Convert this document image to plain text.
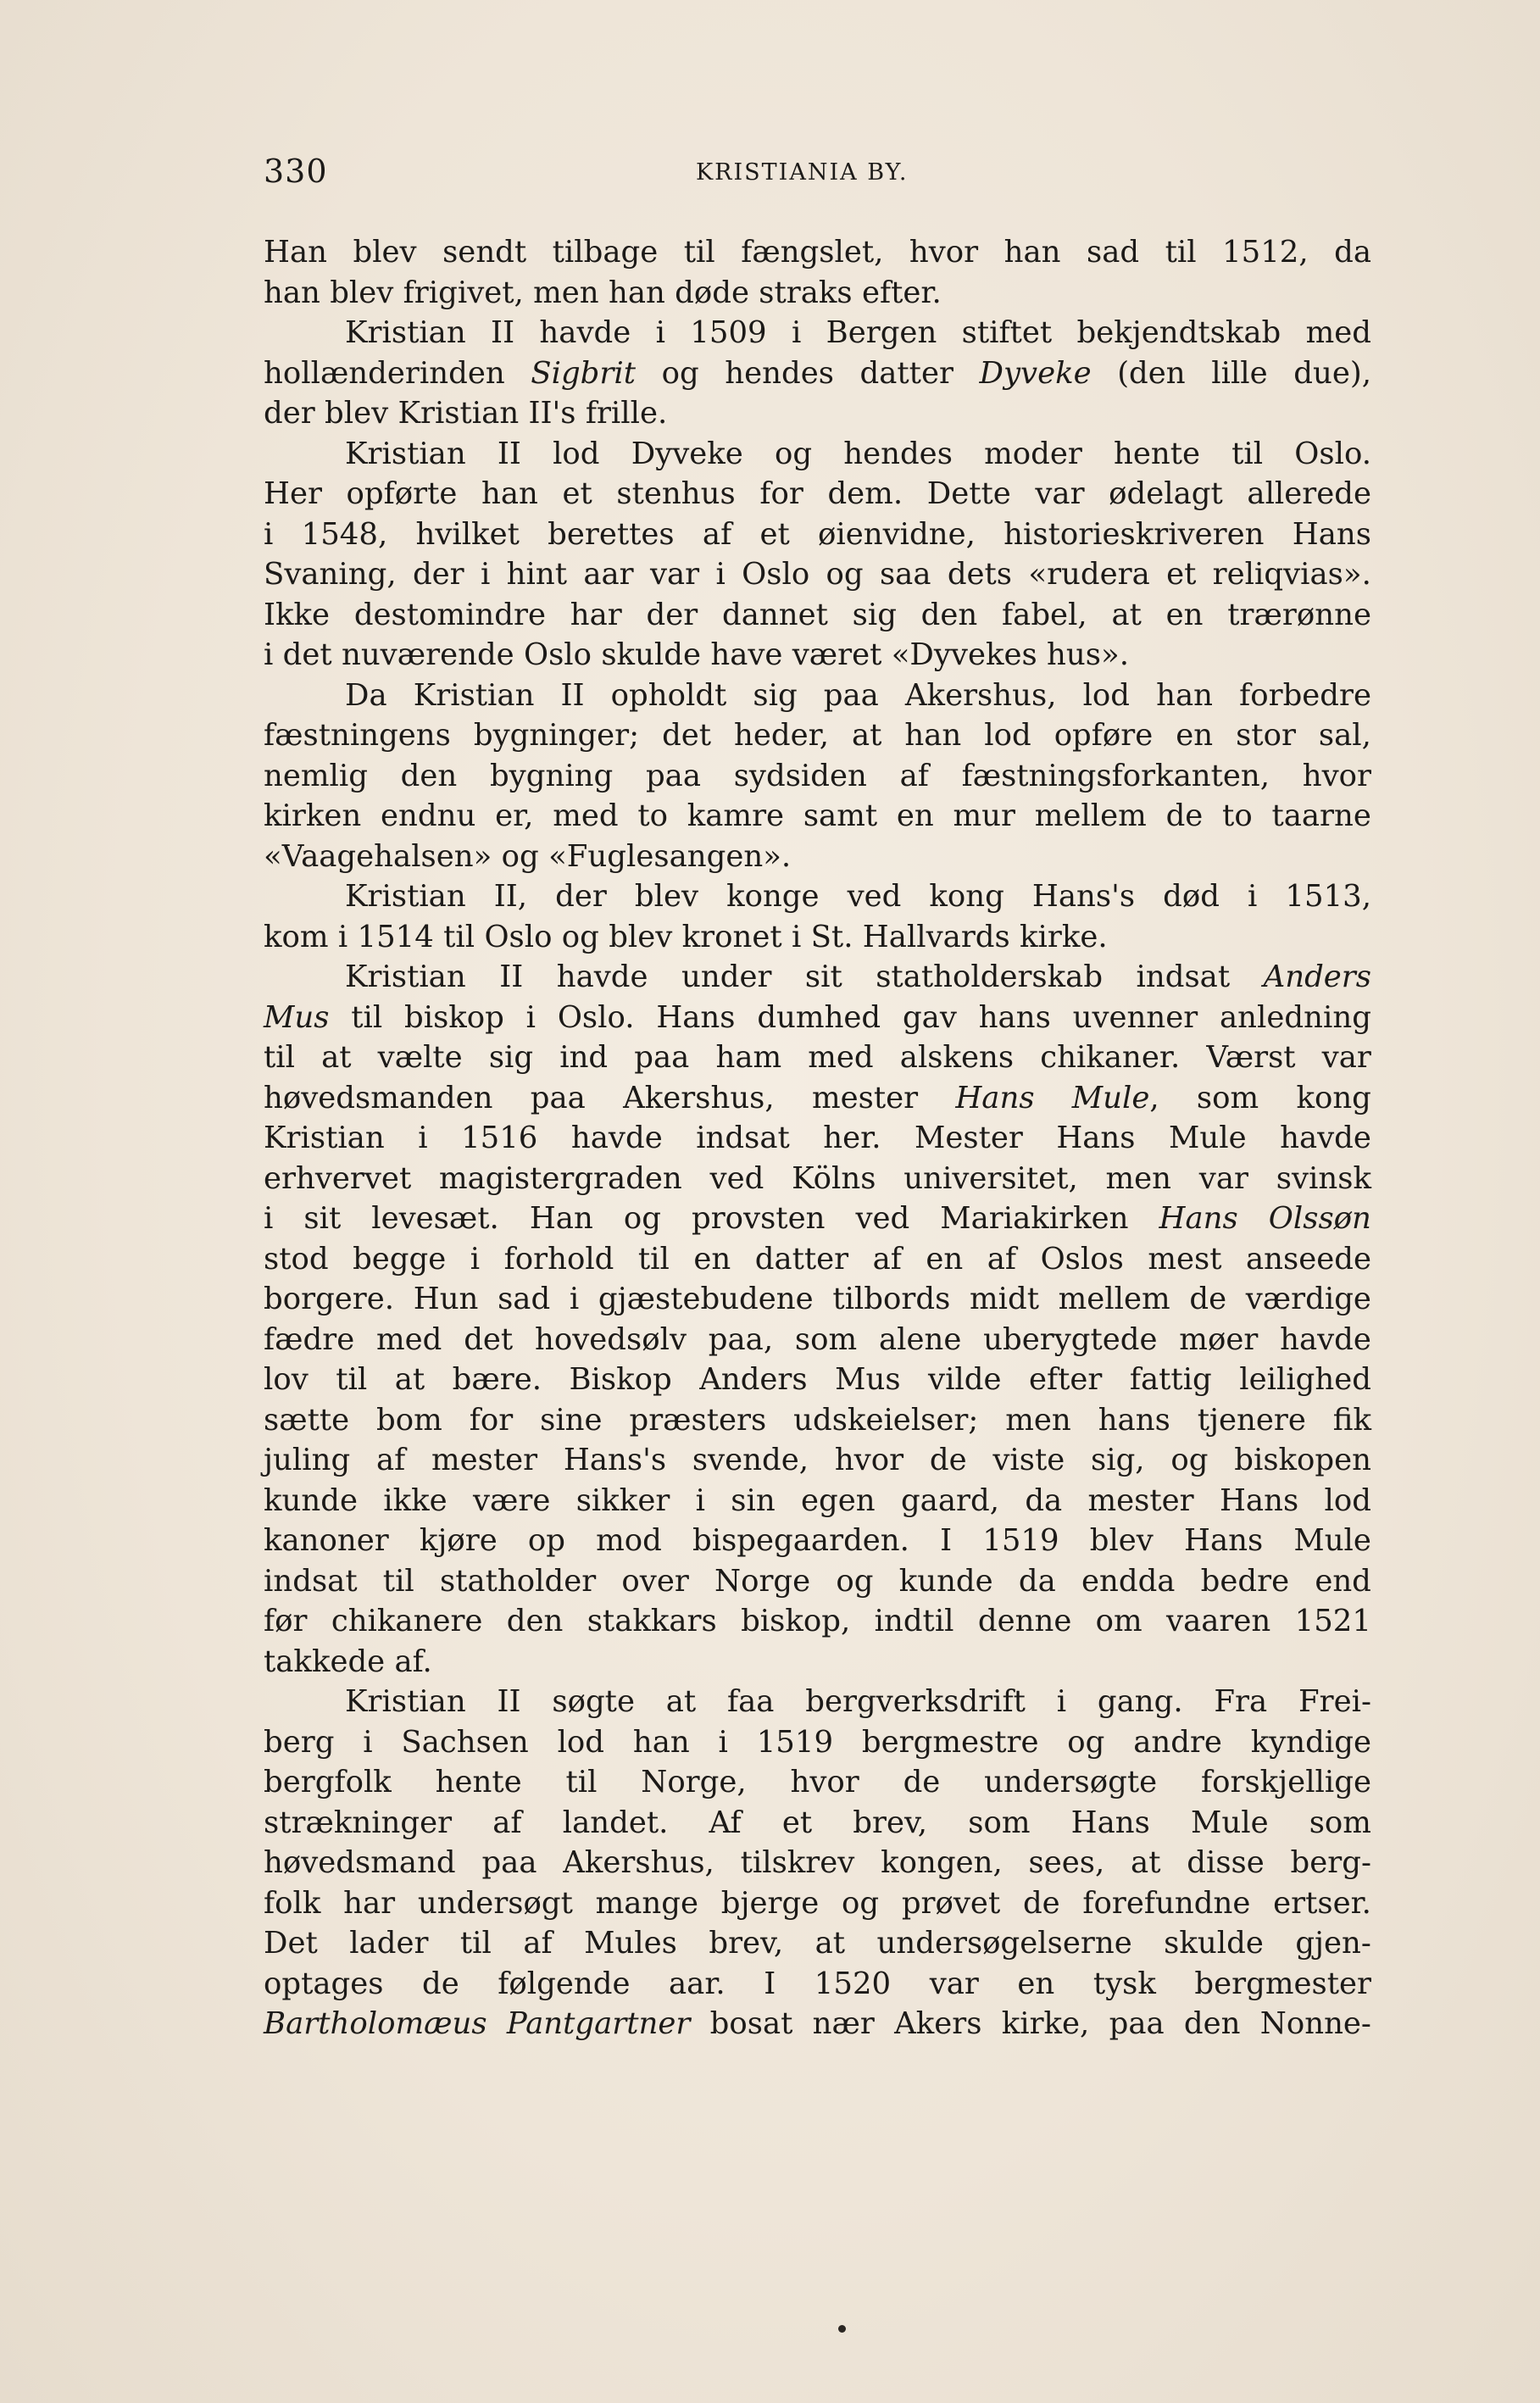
330	KRISTIANIA BY.
Han blev sendt tilbage til fængslet, hvor han sad til 1512, da
han blev frigivet, men han døde straks efter.
Kristian II havde i 1509 i Bergen stiftet bekjendtskab med
hollænderinden Sigbrit og hendes datter Dyveke (den lille due),
der blev Kristian II's frille.
Kristian II lod Dyveke og hendes moder hente til Oslo.
Her opførte han et stenhus for dem. Dette var ødelagt allerede
i 1548, hvilket berettes af et øienvidne, historieskriveren Hans
Svaning, der i hint aar var i Oslo og saa dets «rudera et reliqvias».
Ikke destomindre har der dannet sig den fabel, at en trærønne
i det nuværende Oslo skulde have været «Dyvekes hus».
Da Kristian II opholdt sig paa Akershus, lod han forbedre
fæstningens bygninger; det heder, at han lod opføre en stor sal,
nemlig den bygning paa sydsiden af fæstningsforkanten, hvor
kirken endnu er, med to kamre samt en mur mellem de to taarne
«Vaagehalsen» og «Fuglesangen».
Kristian II, der blev konge ved kong Hans's død i 1513,
kom i 1514 til Oslo og blev kronet i St. Hallvards kirke.
Kristian II havde under sit statholderskab indsat Anders
Mus til biskop i Oslo. Hans dumhed gav hans uvenner anledning
til at vælte sig ind paa ham med alskens chikaner. Værst var
høvedsmanden paa Akershus, mester Hans Mule, som kong
Kristian i 1516 havde indsat her. Mester Hans Mule havde
erhvervet magistergraden ved Kölns universitet, men var svinsk
i sit levesæt. Han og provsten ved Mariakirken Hans Olssøn
stod begge i forhold til en datter af en af Oslos mest anseede
borgere. Hun sad i gjæstebudene tilbords midt mellem de værdige
fædre med det hovedsølv paa, som alene uberygtede møer havde
lov til at bære. Biskop Anders Mus vilde efter fattig leilighed
sætte bom for sine præsters udskeielser; men hans tjenere fik
juling af mester Hans's svende, hvor de viste sig, og biskopen
kunde ikke være sikker i sin egen gaard, da mester Hans lod
kanoner kjøre op mod bispegaarden. I 1519 blev Hans Mule
indsat til statholder over Norge og kunde da endda bedre end
før chikanere den stakkars biskop, indtil denne om vaaren 1521
takkede af.
Kristian II søgte at faa bergverksdrift i gang. Fra Frei-
berg i Sachsen lod han i 1519 bergmestre og andre kyndige
bergfolk hente til Norge, hvor de undersøgte forskjellige
strækninger af landet. Af et brev, som Hans Mule som
høvedsmand paa Akershus, tilskrev kongen, sees, at disse berg-
folk har undersøgt mange bjerge og prøvet de forefundne ertser.
Det lader til af Mules brev, at undersøgelserne skulde gjen-
optages de følgende aar. I 1520 var en tysk bergmester
Bartholomæus Pantgartner bosat nær Akers kirke, paa den Nonne-
